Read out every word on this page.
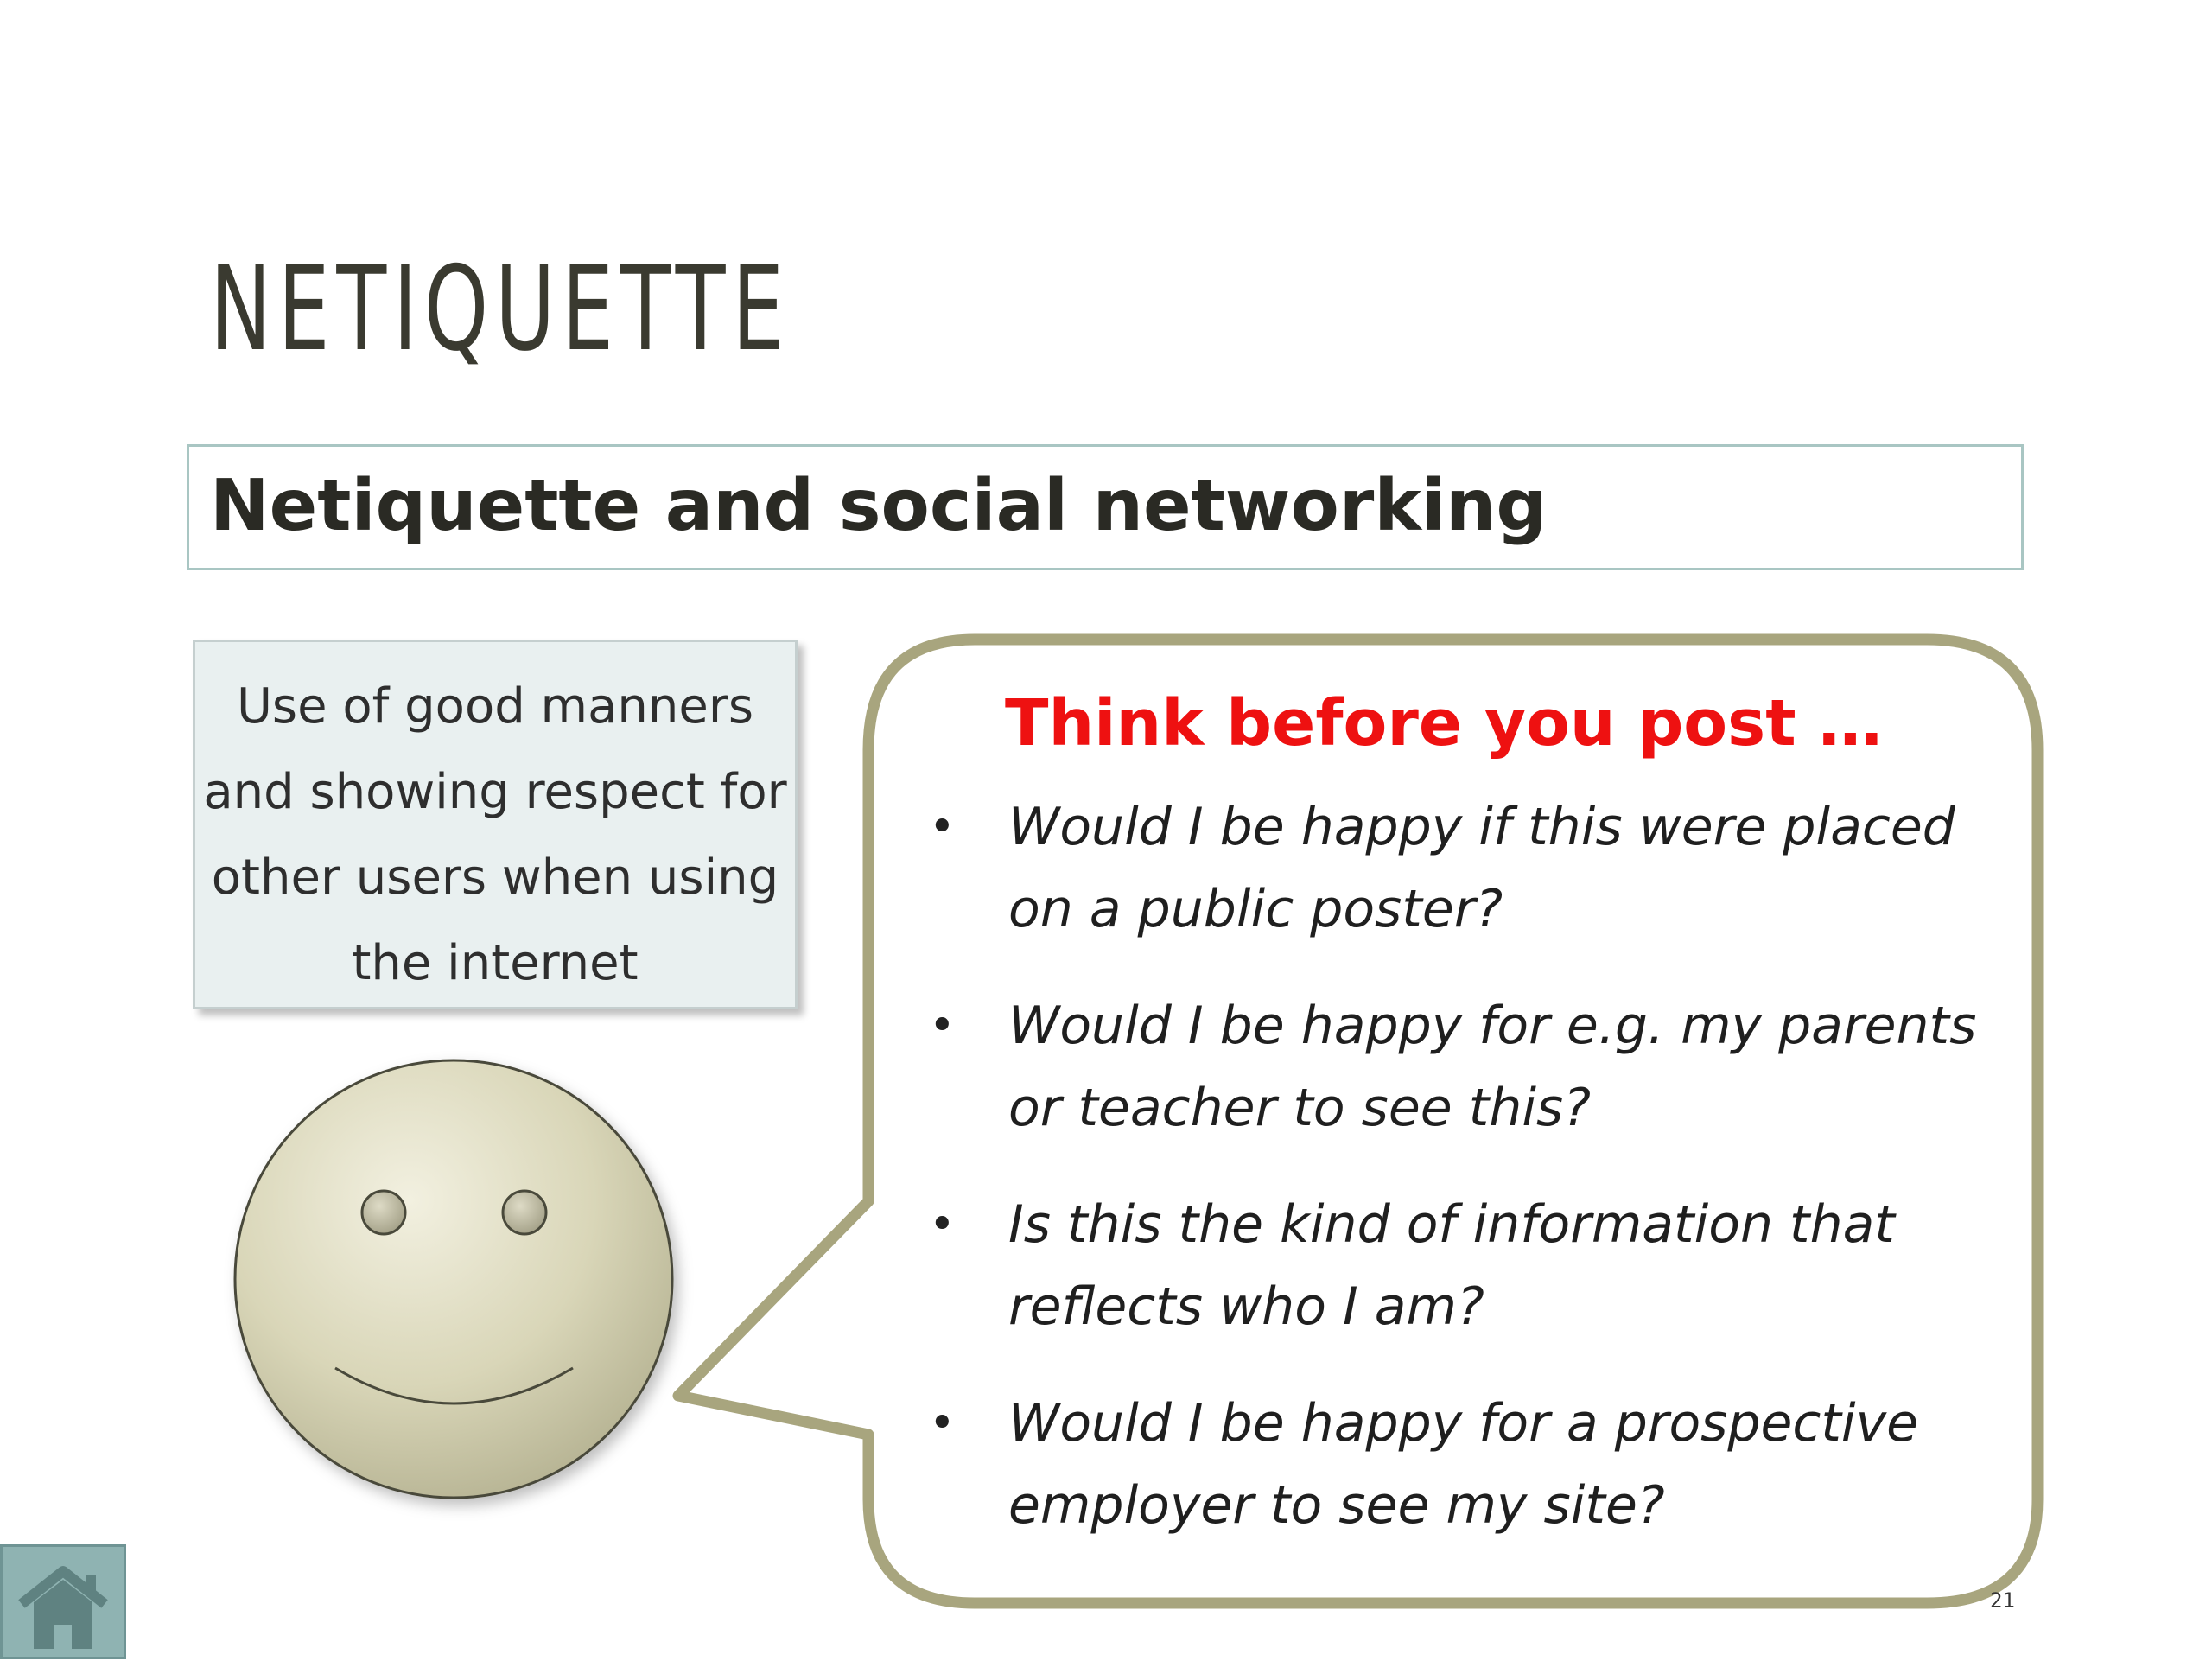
NETIQUETTE
Netiquette and social networking
Use of good manners and showing respect for other users when using the internet
Think before you post …
•	Would I be happy if this were placed on a public poster?
•	Would I be happy for e.g. my parents or teacher to see this?
•	Is this the kind of information that reflects who I am?
•	Would I be happy for a prospective employer to see my site?
21
